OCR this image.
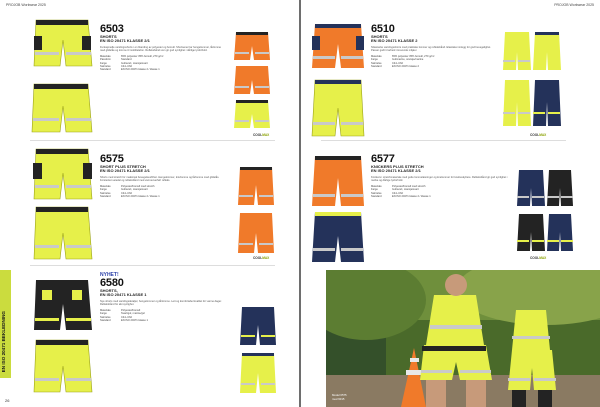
PROJOB Workwear 2025
6503
SHORTS
EN ISO 20471 KLASSE 2/1
Funksjonelle varslingsshorts i en blanding av polyester og bomull. Shortsene har hengelommer, lårlomme med glidelås og lomme til mobiltelefon. Refleksbånd som gir god synlighet i dårlige lysforhold.
Materiale	65% polyester 35% bomull, 270 g/m²
Passform	Standard
Farge	Gul/svart, oransje/svart
Størrelse	C44–C62
Standard	EN ISO 20471 klasse 2 / klasse 1
COOLMAX
6575
SHORT PLUS STRETCH
EN ISO 20471 KLASSE 2/1
Shorts med stretch for maksimal bevegelsesfrihet. Hengelommer, knivlomme og lårlomme med glidelås. Forsterket setedel og refleksbånd med varmeoverført refleks.
Materiale	Polyester/bomull med stretch
Farge	Gul/svart, oransje/svart
Størrelse	C44–C62
Standard	EN ISO 20471 klasse 2 / klasse 1
COOLMAX
NYHET!
6580
SHORTS,
EN ISO 20471 KLASSE 1
Nye shorts med varslingsdetaljer, hengelommer og lårlomme. Lett og komfortabel kvalitet for varme dager. Refleksbånd for økt synlighet.
Materiale	Polyester/bomull
Farge	Svart/gul, marine/gul
Størrelse	C44–C62
Standard	EN ISO 20471 klasse 1
EN ISO 20471 BEKLEDNING
26
PROJOB Workwear 2025
6510
SHORTS
EN ISO 20471 KLASSE 2
Slitesterke varslingsshorts med praktiske lommer og refleksbånd. Elastiske innlegg for god bevegelighet. Passer godt til arbeid i krevende miljøer.
Materiale	65% polyester 35% bomull, 270 g/m²
Farge	Gul/marine, oransje/marine
Størrelse	C44–C62
Standard	EN ISO 20471 klasse 2
COOLMAX
6577
KNICKERS PLUS STRETCH
EN ISO 20471 KLASSE 2/1
Knickers i stretchmateriale med gode lommeløsninger og knelommer for knebeskyttere. Refleksbånd gir god synlighet i mørke og dårlige lysforhold.
Materiale	Polyester/bomull med stretch
Farge	Gul/svart, oransje/svart
Størrelse	C44–C62
Standard	EN ISO 20471 klasse 2 / klasse 1
COOLMAX
Model 6575
med 6015
